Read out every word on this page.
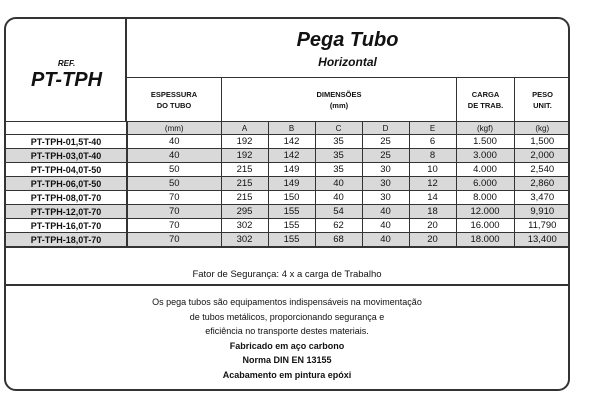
REF.
PT-TPH
Pega Tubo
Horizontal
ESPESSURA
DO TUBO
DIMENSÕES
(mm)
CARGA
DE TRAB.
PESO
UNIT.
	(mm)	A	B	C	D	E	(kgf)	(kg)
PT-TPH-01,5T-40	40	192	142	35	25	6	1.500	1,500
PT-TPH-03,0T-40	40	192	142	35	25	8	3.000	2,000
PT-TPH-04,0T-50	50	215	149	35	30	10	4.000	2,540
PT-TPH-06,0T-50	50	215	149	40	30	12	6.000	2,860
PT-TPH-08,0T-70	70	215	150	40	30	14	8.000	3,470
PT-TPH-12,0T-70	70	295	155	54	40	18	12.000	9,910
PT-TPH-16,0T-70	70	302	155	62	40	20	16.000	11,790
PT-TPH-18,0T-70	70	302	155	68	40	20	18.000	13,400
Fator de Segurança: 4 x a carga de Trabalho
Os pega tubos são equipamentos indispensáveis na movimentação
de tubos metálicos, proporcionando segurança e
eficiência no transporte destes materiais.
Fabricado em aço carbono
Norma DIN EN 13155
Acabamento em pintura epóxi
